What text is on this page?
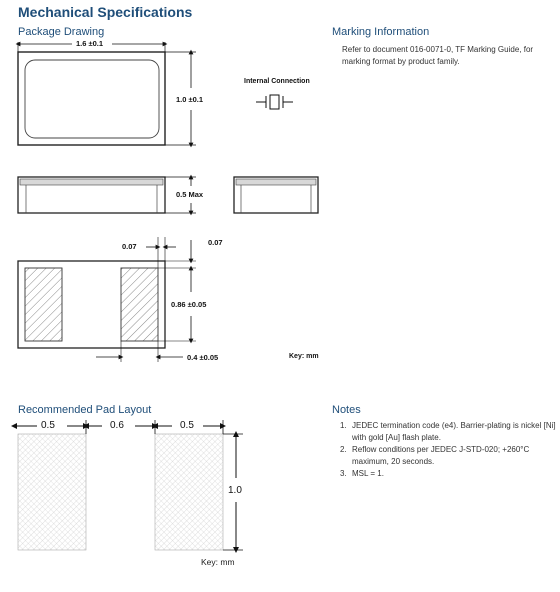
Mechanical Specifications
Package Drawing	Marking Information
Refer to document 016-0071-0, TF Marking Guide, for marking format by product family.
1.6 ±0.1
1.0 ±0.1
Internal Connection
0.5 Max
0.07	0.07
0.86 ±0.05
0.4 ±0.05	Key: mm
Recommended Pad Layout
0.5	0.6	0.5
1.0
Key: mm
Notes
1. JEDEC termination code (e4). Barrier-plating is nickel [Ni] with gold [Au] flash plate.
2. Reflow conditions per JEDEC J-STD-020; +260°C maximum, 20 seconds.
3. MSL = 1.
